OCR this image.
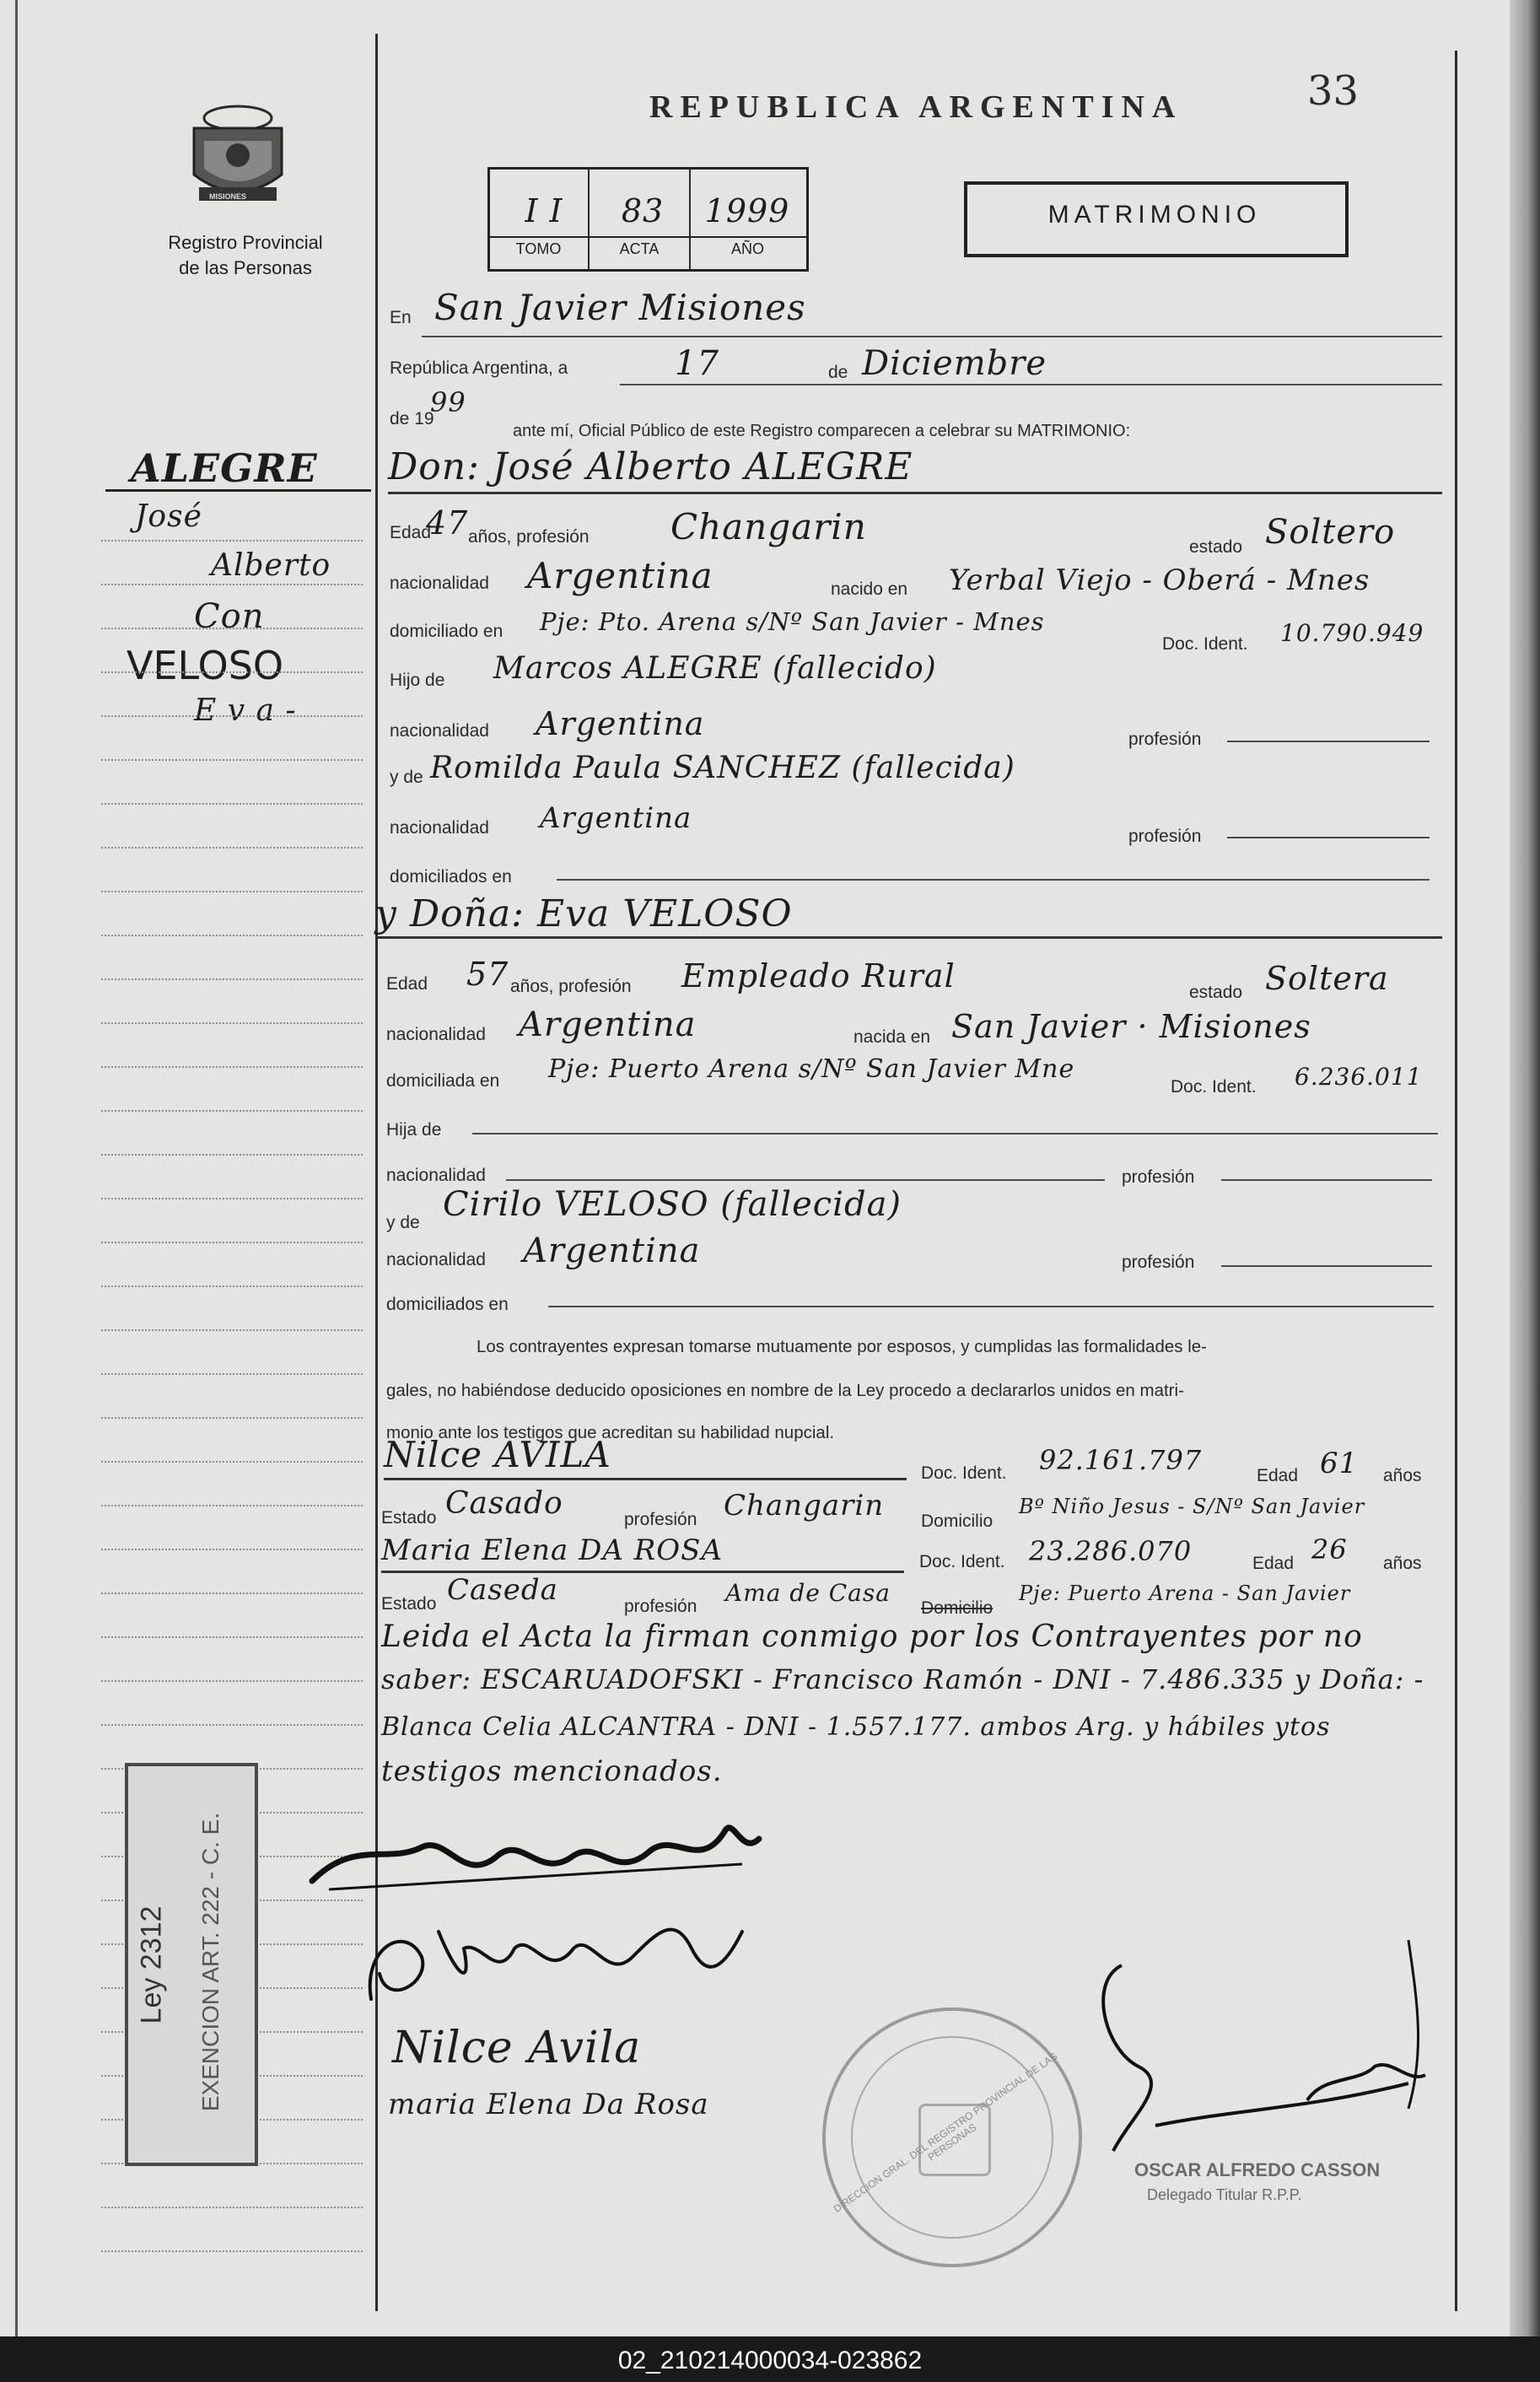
33
REPUBLICA ARGENTINA
MISIONES
Registro Provincial
de las Personas
I I	83	1999
TOMO	ACTA	AÑO
MATRIMONIO
ALEGRE
José
Alberto
Con
VELOSO
E v a -
En San Javier Misiones
República Argentina, a	17	de Diciembre
de 19
99
ante mí, Oficial Público de este Registro comparecen a celebrar su MATRIMONIO:
Don: José Alberto ALEGRE
Edad
47 años, profesión Changarin	estado Soltero
nacionalidad Argentina	nacido en Yerbal Viejo - Oberá - Mnes
domiciliado en Pje: Pto. Arena s/Nº San Javier - Mnes
Doc. Ident. 10.790.949
Hijo de Marcos ALEGRE (fallecido)
nacionalidad Argentina	profesión
y de Romilda Paula SANCHEZ (fallecida)
nacionalidad Argentina
profesión
domiciliados en
y Doña: Eva VELOSO
Edad 57 años, profesión Empleado Rural	estado Soltera
nacionalidad Argentina	nacida en San Javier · Misiones
domiciliada en Pje: Puerto Arena s/Nº San Javier Mne
Doc. Ident. 6.236.011
Hija de
nacionalidad	profesión
y de Cirilo VELOSO (fallecida)
nacionalidad Argentina	profesión
domiciliados en
Los contrayentes expresan tomarse mutuamente por esposos, y cumplidas las formalidades le-
gales, no habiéndose deducido oposiciones en nombre de la Ley procedo a declararlos unidos en matri-
monio ante los testigos que acreditan su habilidad nupcial.
Nilce AVILA	Doc. Ident. 92.161.797	Edad 61 años
Estado Casado	profesión Changarin Domicilio
Bº Niño Jesus - S/Nº San Javier
Maria Elena DA ROSA	Doc. Ident. 23.286.070	Edad 26 años
Estado Caseda	profesión Ama de Casa
Domicilio
Pje: Puerto Arena - San Javier
Leida el Acta la firman conmigo por los Contrayentes por no
saber: ESCARUADOFSKI - Francisco Ramón - DNI - 7.486.335 y Doña: -
Blanca Celia ALCANTRA - DNI - 1.557.177. ambos Arg. y hábiles ytos
testigos mencionados.
Nilce Avila
maria Elena Da Rosa
OSCAR ALFREDO CASSON
Delegado Titular R.P.P.
DIRECCION GRAL. DEL REGISTRO PROVINCIAL DE LAS PERSONAS
Ley 2312 EXENCION ART. 222 - C. E.
02_210214000034-023862
